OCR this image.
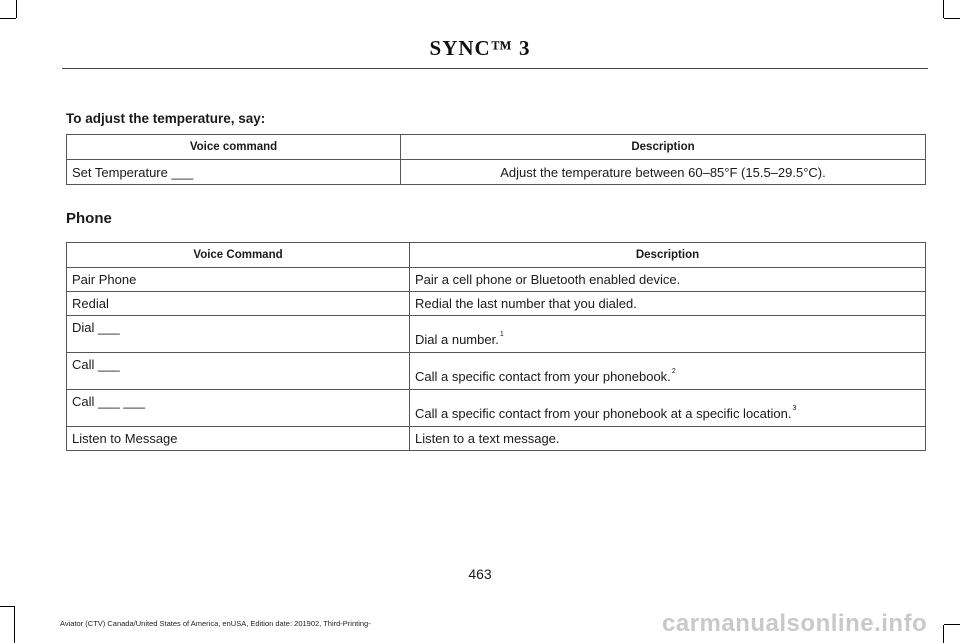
SYNC™ 3
To adjust the temperature, say:
Voice command	Description
Set Temperature ___	Adjust the temperature between 60–85°F (15.5–29.5°C).
Phone
Voice Command	Description
Pair Phone	Pair a cell phone or Bluetooth enabled device.
Redial	Redial the last number that you dialed.
Dial ___	Dial a number.$^1$
Call ___	Call a specific contact from your phonebook.$^2$
Call ___ ___	Call a specific contact from your phonebook at a specific location.$^3$
Listen to Message	Listen to a text message.
463
Aviator (CTV) Canada/United States of America, enUSA, Edition date: 201902, Third-Printing-	carmanualsonline.info
